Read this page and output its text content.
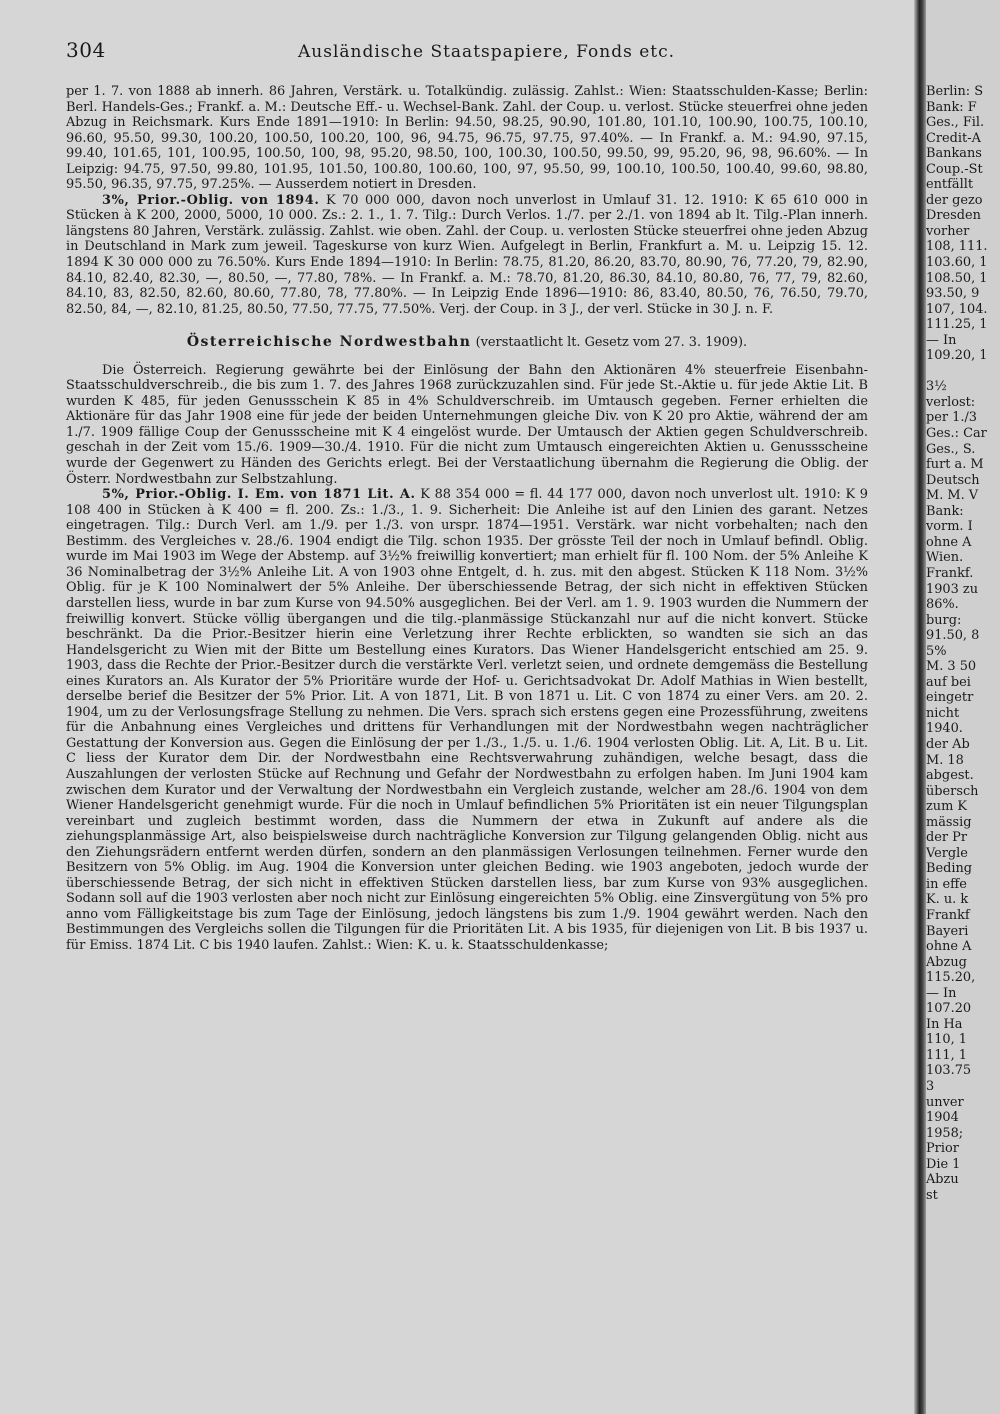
304	Ausländische Staatspapiere, Fonds etc.

per 1. 7. von 1888 ab innerh. 86 Jahren, Verstärk. u. Totalkündig. zulässig. Zahlst.: Wien: Staatsschulden-Kasse; Berlin: Berl. Handels-Ges.; Frankf. a. M.: Deutsche Eff.- u. Wechsel-Bank. Zahl. der Coup. u. verlost. Stücke steuerfrei ohne jeden Abzug in Reichsmark. Kurs Ende 1891—1910: In Berlin: 94.50, 98.25, 90.90, 101.80, 101.10, 100.90, 100.75, 100.10, 96.60, 95.50, 99.30, 100.20, 100.50, 100.20, 100, 96, 94.75, 96.75, 97.75, 97.40%. — In Frankf. a. M.: 94.90, 97.15, 99.40, 101.65, 101, 100.95, 100.50, 100, 98, 95.20, 98.50, 100, 100.30, 100.50, 99.50, 99, 95.20, 96, 98, 96.60%. — In Leipzig: 94.75, 97.50, 99.80, 101.95, 101.50, 100.80, 100.60, 100, 97, 95.50, 99, 100.10, 100.50, 100.40, 99.60, 98.80, 95.50, 96.35, 97.75, 97.25%. — Ausserdem notiert in Dresden.

3%, Prior.-Oblig. von 1894. K 70 000 000, davon noch unverlost in Umlauf 31. 12. 1910: K 65 610 000 in Stücken à K 200, 2000, 5000, 10 000. Zs.: 2. 1., 1. 7. Tilg.: Durch Verlos. 1./7. per 2./1. von 1894 ab lt. Tilg.-Plan innerh. längstens 80 Jahren, Verstärk. zulässig. Zahlst. wie oben. Zahl. der Coup. u. verlosten Stücke steuerfrei ohne jeden Abzug in Deutschland in Mark zum jeweil. Tageskurse von kurz Wien. Aufgelegt in Berlin, Frankfurt a. M. u. Leipzig 15. 12. 1894 K 30 000 000 zu 76.50%. Kurs Ende 1894—1910: In Berlin: 78.75, 81.20, 86.20, 83.70, 80.90, 76, 77.20, 79, 82.90, 84.10, 82.40, 82.30, —, 80.50, —, 77.80, 78%. — In Frankf. a. M.: 78.70, 81.20, 86.30, 84.10, 80.80, 76, 77, 79, 82.60, 84.10, 83, 82.50, 82.60, 80.60, 77.80, 78, 77.80%. — In Leipzig Ende 1896—1910: 86, 83.40, 80.50, 76, 76.50, 79.70, 82.50, 84, —, 82.10, 81.25, 80.50, 77.50, 77.75, 77.50%. Verj. der Coup. in 3 J., der verl. Stücke in 30 J. n. F.

Österreichische Nordwestbahn (verstaatlicht lt. Gesetz vom 27. 3. 1909).

Die Österreich. Regierung gewährte bei der Einlösung der Bahn den Aktionären 4% steuerfreie Eisenbahn-Staatsschuldverschreib., die bis zum 1. 7. des Jahres 1968 zurückzuzahlen sind. Für jede St.-Aktie u. für jede Aktie Lit. B wurden K 485, für jeden Genussschein K 85 in 4% Schuldverschreib. im Umtausch gegeben. Ferner erhielten die Aktionäre für das Jahr 1908 eine für jede der beiden Unternehmungen gleiche Div. von K 20 pro Aktie, während der am 1./7. 1909 fällige Coup der Genussscheine mit K 4 eingelöst wurde. Der Umtausch der Aktien gegen Schuldverschreib. geschah in der Zeit vom 15./6. 1909—30./4. 1910. Für die nicht zum Umtausch eingereichten Aktien u. Genussscheine wurde der Gegenwert zu Händen des Gerichts erlegt. Bei der Verstaatlichung übernahm die Regierung die Oblig. der Österr. Nordwestbahn zur Selbstzahlung.

5%, Prior.-Oblig. I. Em. von 1871 Lit. A. K 88 354 000 = fl. 44 177 000, davon noch unverlost ult. 1910: K 9 108 400 in Stücken à K 400 = fl. 200. Zs.: 1./3., 1. 9. Sicherheit: Die Anleihe ist auf den Linien des garant. Netzes eingetragen. Tilg.: Durch Verl. am 1./9. per 1./3. von urspr. 1874—1951. Verstärk. war nicht vorbehalten; nach den Bestimm. des Vergleiches v. 28./6. 1904 endigt die Tilg. schon 1935. Der grösste Teil der noch in Umlauf befindl. Oblig. wurde im Mai 1903 im Wege der Abstemp. auf 3½% freiwillig konvertiert; man erhielt für fl. 100 Nom. der 5% Anleihe K 36 Nominalbetrag der 3½% Anleihe Lit. A von 1903 ohne Entgelt, d. h. zus. mit den abgest. Stücken K 118 Nom. 3½% Oblig. für je K 100 Nominalwert der 5% Anleihe. Der überschiessende Betrag, der sich nicht in effektiven Stücken darstellen liess, wurde in bar zum Kurse von 94.50% ausgeglichen. Bei der Verl. am 1. 9. 1903 wurden die Nummern der freiwillig konvert. Stücke völlig übergangen und die tilg.-planmässige Stückanzahl nur auf die nicht konvert. Stücke beschränkt. Da die Prior.-Besitzer hierin eine Verletzung ihrer Rechte erblickten, so wandten sie sich an das Handelsgericht zu Wien mit der Bitte um Bestellung eines Kurators. Das Wiener Handelsgericht entschied am 25. 9. 1903, dass die Rechte der Prior.-Besitzer durch die verstärkte Verl. verletzt seien, und ordnete demgemäss die Bestellung eines Kurators an. Als Kurator der 5% Prioritäre wurde der Hof- u. Gerichtsadvokat Dr. Adolf Mathias in Wien bestellt, derselbe berief die Besitzer der 5% Prior. Lit. A von 1871, Lit. B von 1871 u. Lit. C von 1874 zu einer Vers. am 20. 2. 1904, um zu der Verlosungsfrage Stellung zu nehmen. Die Vers. sprach sich erstens gegen eine Prozessführung, zweitens für die Anbahnung eines Vergleiches und drittens für Verhandlungen mit der Nordwestbahn wegen nachträglicher Gestattung der Konversion aus. Gegen die Einlösung der per 1./3., 1./5. u. 1./6. 1904 verlosten Oblig. Lit. A, Lit. B u. Lit. C liess der Kurator dem Dir. der Nordwestbahn eine Rechtsverwahrung zuhändigen, welche besagt, dass die Auszahlungen der verlosten Stücke auf Rechnung und Gefahr der Nordwestbahn zu erfolgen haben. Im Juni 1904 kam zwischen dem Kurator und der Verwaltung der Nordwestbahn ein Vergleich zustande, welcher am 28./6. 1904 von dem Wiener Handelsgericht genehmigt wurde. Für die noch in Umlauf befindlichen 5% Prioritäten ist ein neuer Tilgungsplan vereinbart und zugleich bestimmt worden, dass die Nummern der etwa in Zukunft auf andere als die ziehungsplanmässige Art, also beispielsweise durch nachträgliche Konversion zur Tilgung gelangenden Oblig. nicht aus den Ziehungsrädern entfernt werden dürfen, sondern an den planmässigen Verlosungen teilnehmen. Ferner wurde den Besitzern von 5% Oblig. im Aug. 1904 die Konversion unter gleichen Beding. wie 1903 angeboten, jedoch wurde der überschiessende Betrag, der sich nicht in effektiven Stücken darstellen liess, bar zum Kurse von 93% ausgeglichen. Sodann soll auf die 1903 verlosten aber noch nicht zur Einlösung eingereichten 5% Oblig. eine Zinsvergütung von 5% pro anno vom Fälligkeitstage bis zum Tage der Einlösung, jedoch längstens bis zum 1./9. 1904 gewährt werden. Nach den Bestimmungen des Vergleichs sollen die Tilgungen für die Prioritäten Lit. A bis 1935, für diejenigen von Lit. B bis 1937 u. für Emiss. 1874 Lit. C bis 1940 laufen. Zahlst.: Wien: K. u. k. Staatsschuldenkasse;

Berlin: S
Bank: F
Ges., Fil.
Credit-A
Bankans
Coup.-St
entfällt
der gezo
Dresden
vorher
108, 111.
103.60, 1
108.50, 1
93.50, 9
107, 104.
111.25, 1
— In
109.20, 1
3½
verlost:
per 1./3
Ges.: Car
Ges., S.
furt a. M
Deutsch
M. M. V
Bank:
vorm. I
ohne A
Wien.
Frankf.
1903 zu
86%.
burg:
91.50, 8
5%
M. 3 50
auf bei
eingetr
nicht
1940.
der Ab
M. 18
abgest.
übersch
zum K
mässig
der Pr
Vergle
Beding
in effe
K. u. k
Frankf
Bayeri
ohne A
Abzug
115.20,
— In
107.20
In Ha
110, 1
111, 1
103.75
3
unver
1904
1958;
Prior
Die 1
Abzu
st
